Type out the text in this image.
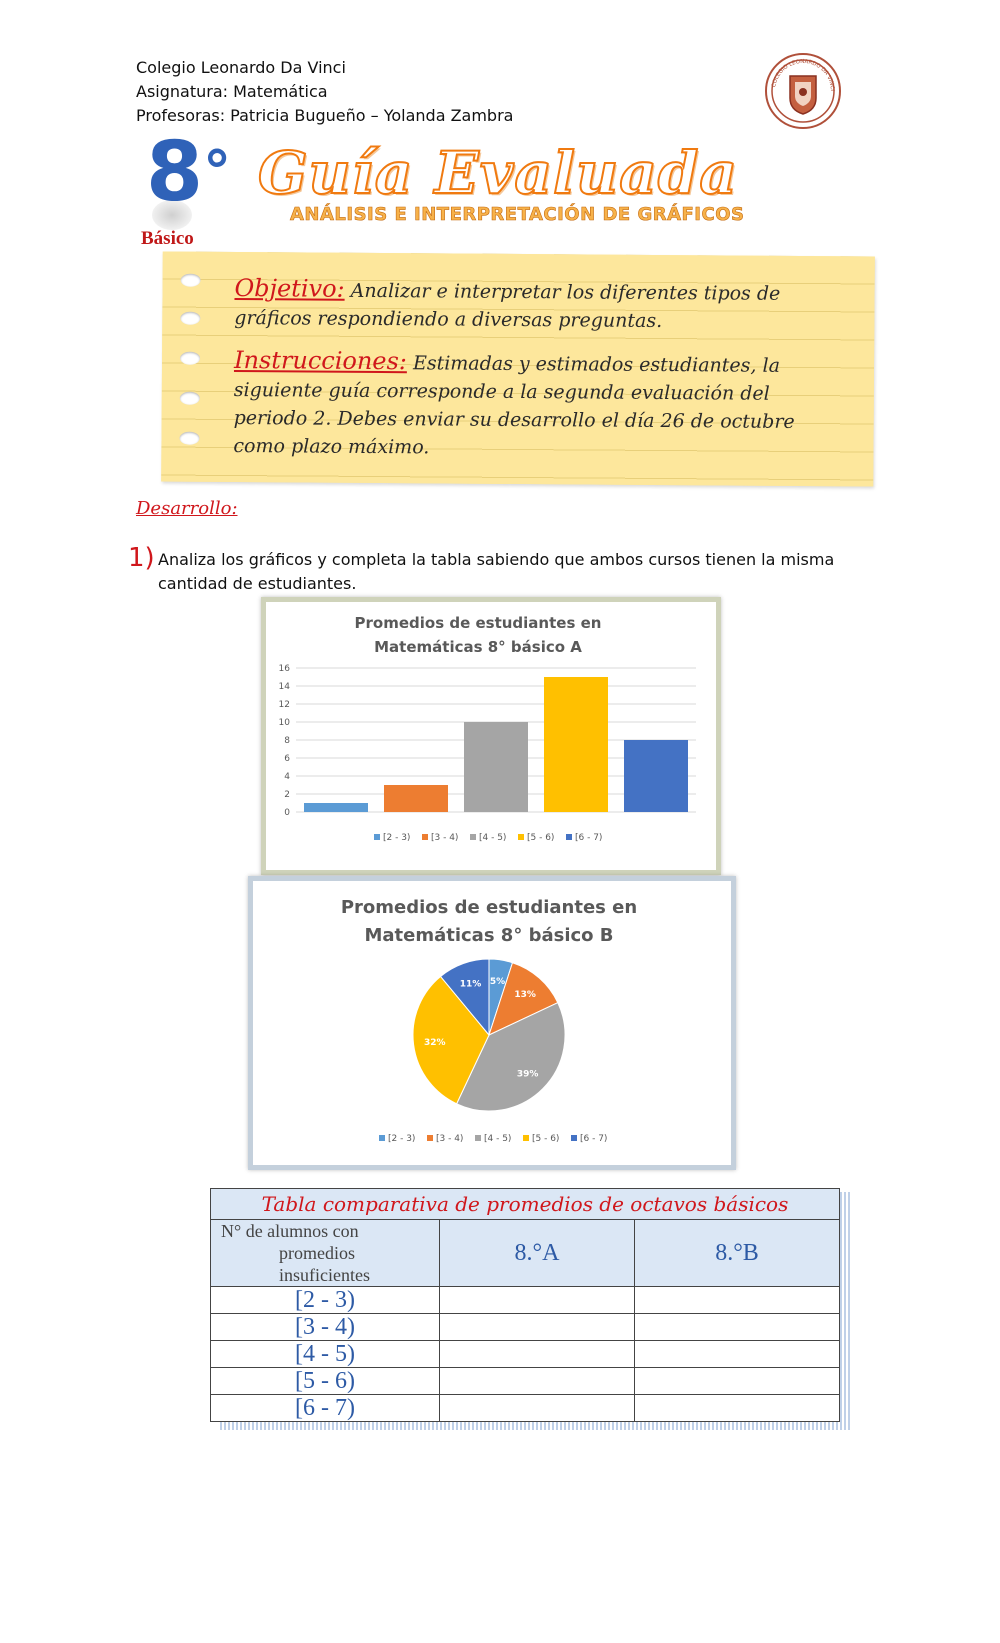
Colegio Leonardo Da Vinci
Asignatura: Matemática
Profesoras: Patricia Bugueño – Yolanda Zambra
COLEGIO LEONARDO DA VINCI
8°
Básico
Guía Evaluada
ANÁLISIS E INTERPRETACIÓN DE GRÁFICOS
Objetivo: Analizar e interpretar los diferentes tipos de gráficos respondiendo a diversas preguntas.
Instrucciones: Estimadas y estimados estudiantes, la siguiente guía corresponde a la segunda evaluación del periodo 2. Debes enviar su desarrollo el día 26 de octubre como plazo máximo.
Desarrollo:
1) Analiza los gráficos y completa la tabla sabiendo que ambos cursos tienen la misma cantidad de estudiantes.
Promedios de estudiantes en
Matemáticas 8° básico A
0
2
4
6
8
10
12
14
16
[2 - 3) [3 - 4) [4 - 5) [5 - 6) [6 - 7)
Promedios de estudiantes en
Matemáticas 8° básico B
5%
13%
39%
32%
11%
[2 - 3) [3 - 4) [4 - 5) [5 - 6) [6 - 7)
Tabla comparativa de promedios de octavos básicos		

N° de alumnos con
promedios
insuficientes	8.°A	8.°B
[2 - 3)		
[3 - 4)		
[4 - 5)		
[5 - 6)		
[6 - 7)		
